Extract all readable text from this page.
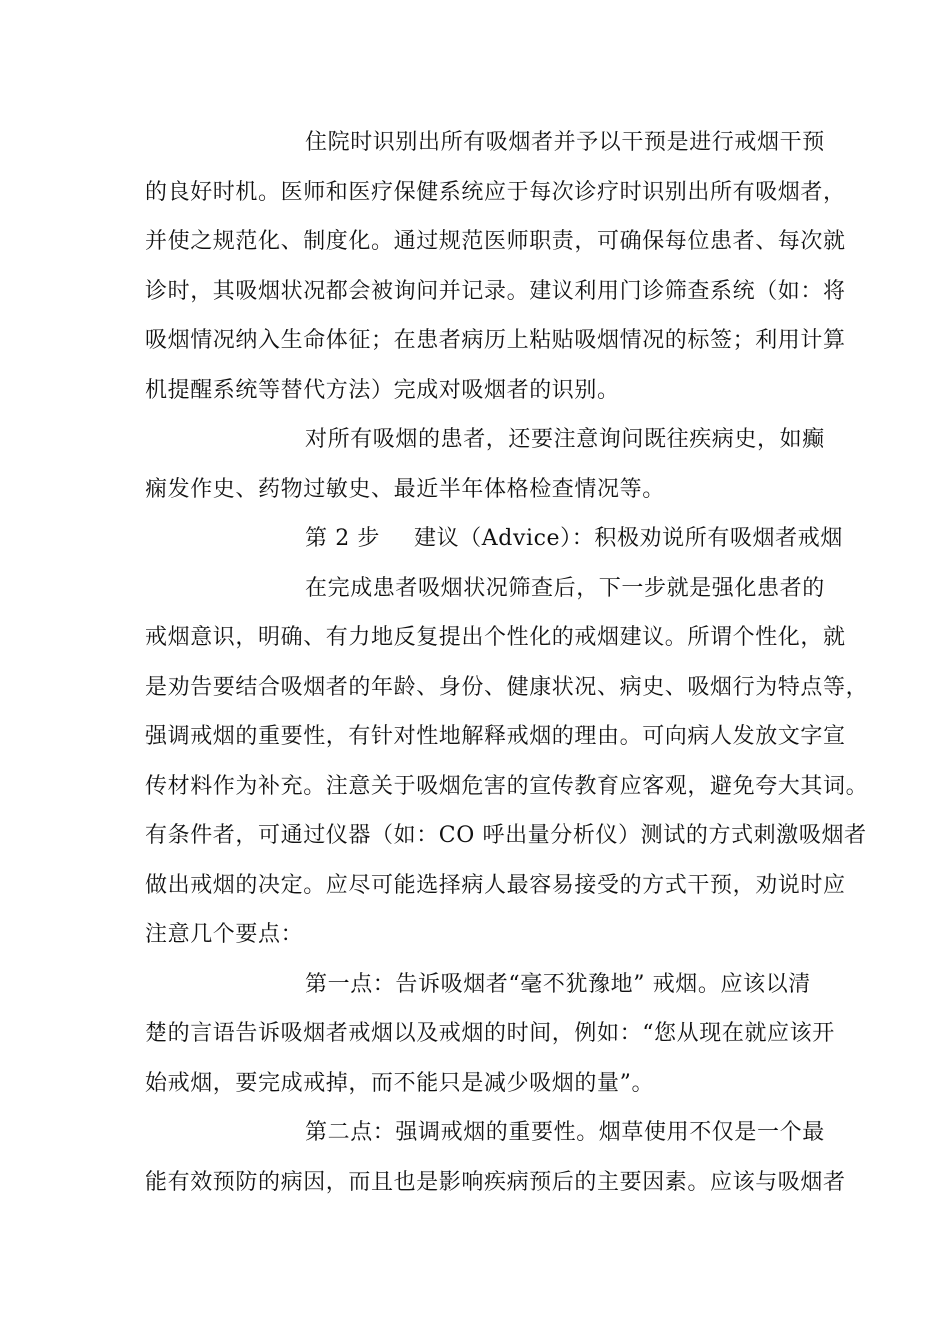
住院时识别出所有吸烟者并予以干预是进行戒烟干预
的良好时机。医师和医疗保健系统应于每次诊疗时识别出所有吸烟者，
并使之规范化、制度化。通过规范医师职责，可确保每位患者、每次就
诊时，其吸烟状况都会被询问并记录。建议利用门诊筛查系统（如：将
吸烟情况纳入生命体征；在患者病历上粘贴吸烟情况的标签；利用计算
机提醒系统等替代方法）完成对吸烟者的识别。
对所有吸烟的患者，还要注意询问既往疾病史，如癫
痫发作史、药物过敏史、最近半年体格检查情况等。
第 2 步 建议（Advice）：积极劝说所有吸烟者戒烟
在完成患者吸烟状况筛查后，下一步就是强化患者的
戒烟意识，明确、有力地反复提出个性化的戒烟建议。所谓个性化，就
是劝告要结合吸烟者的年龄、身份、健康状况、病史、吸烟行为特点等，
强调戒烟的重要性，有针对性地解释戒烟的理由。可向病人发放文字宣
传材料作为补充。注意关于吸烟危害的宣传教育应客观，避免夸大其词。
有条件者，可通过仪器（如：CO 呼出量分析仪）测试的方式刺激吸烟者
做出戒烟的决定。应尽可能选择病人最容易接受的方式干预，劝说时应
注意几个要点：
第一点：告诉吸烟者“毫不犹豫地” 戒烟。应该以清
楚的言语告诉吸烟者戒烟以及戒烟的时间，例如：“您从现在就应该开
始戒烟，要完成戒掉，而不能只是减少吸烟的量”。
第二点：强调戒烟的重要性。烟草使用不仅是一个最
能有效预防的病因，而且也是影响疾病预后的主要因素。应该与吸烟者
